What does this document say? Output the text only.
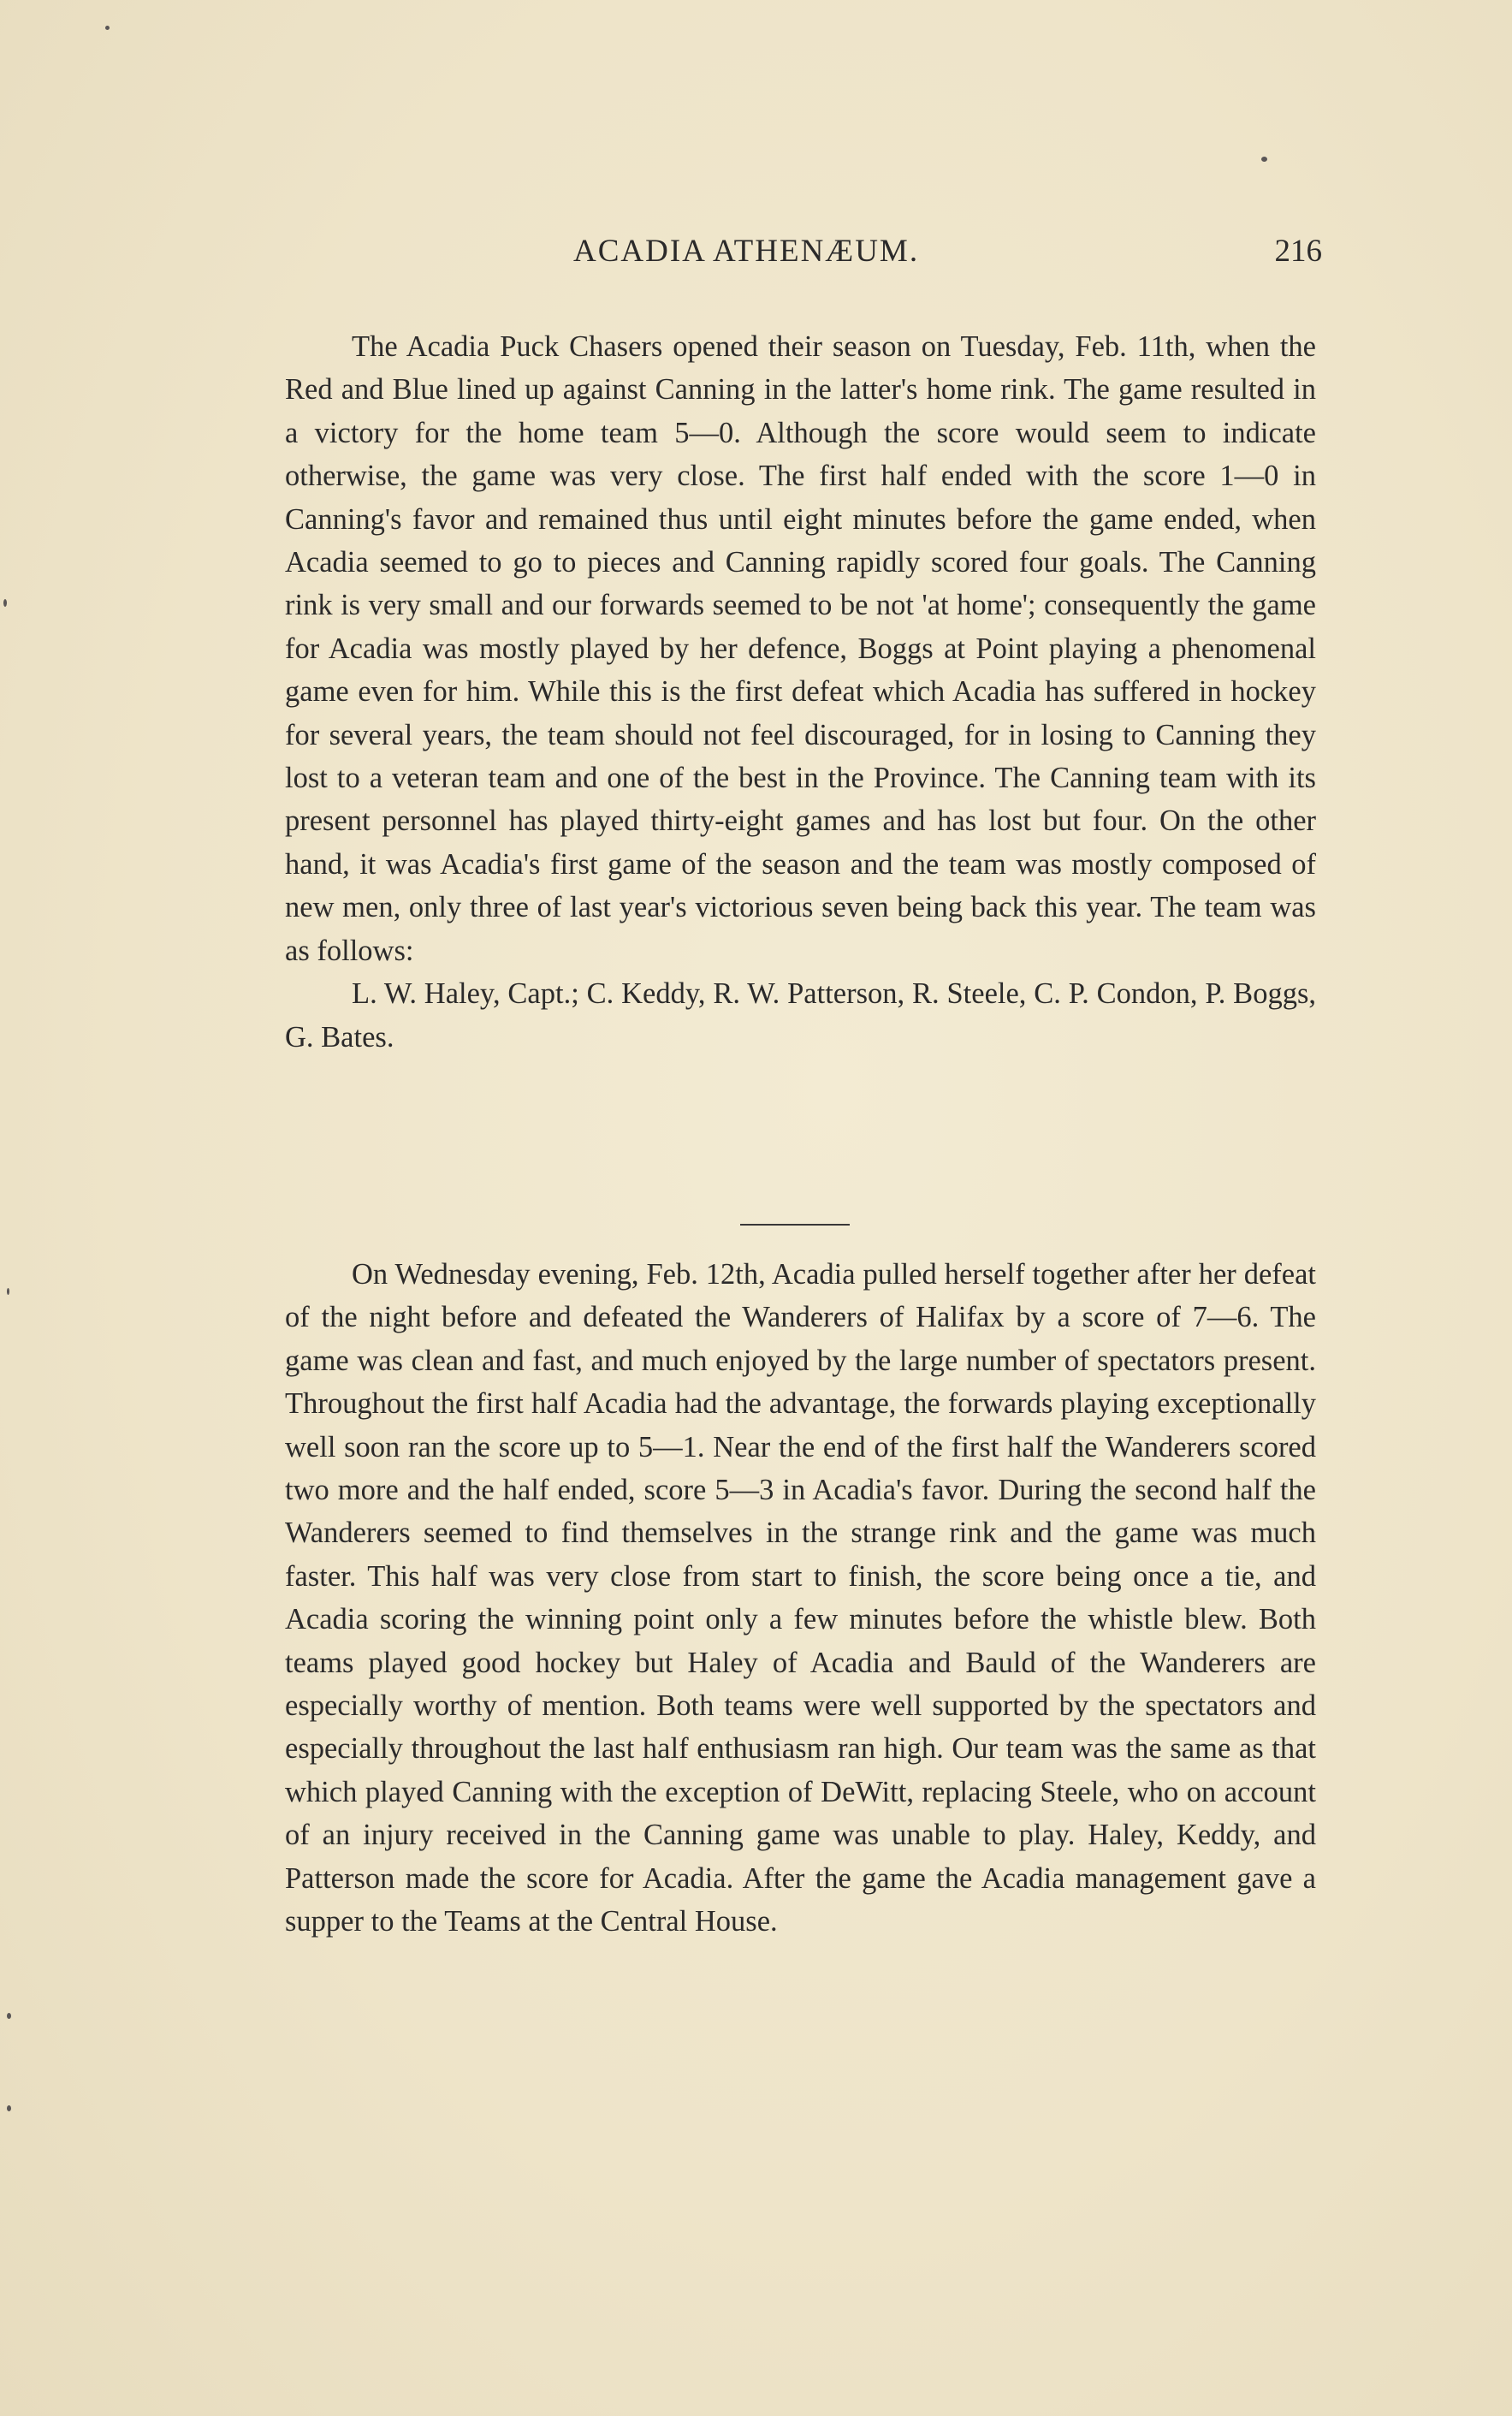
ACADIA ATHENÆUM.	216

The Acadia Puck Chasers opened their season on Tuesday, Feb. 11th, when the Red and Blue lined up against Canning in the latter's home rink. The game resulted in a victory for the home team 5—0. Although the score would seem to indicate otherwise, the game was very close. The first half ended with the score 1—0 in Canning's favor and remained thus until eight minutes before the game ended, when Acadia seemed to go to pieces and Canning rapidly scored four goals. The Canning rink is very small and our forwards seemed to be not 'at home'; consequently the game for Acadia was mostly played by her defence, Boggs at Point playing a phenomenal game even for him. While this is the first defeat which Acadia has suffered in hockey for several years, the team should not feel discouraged, for in losing to Canning they lost to a veteran team and one of the best in the Province. The Canning team with its present personnel has played thirty-eight games and has lost but four. On the other hand, it was Acadia's first game of the season and the team was mostly composed of new men, only three of last year's victorious seven being back this year. The team was as follows:

L. W. Haley, Capt.; C. Keddy, R. W. Patterson, R. Steele, C. P. Condon, P. Boggs, G. Bates.

On Wednesday evening, Feb. 12th, Acadia pulled herself together after her defeat of the night before and defeated the Wanderers of Halifax by a score of 7—6. The game was clean and fast, and much enjoyed by the large number of spectators present. Throughout the first half Acadia had the advantage, the forwards playing exceptionally well soon ran the score up to 5—1. Near the end of the first half the Wanderers scored two more and the half ended, score 5—3 in Acadia's favor. During the second half the Wanderers seemed to find themselves in the strange rink and the game was much faster. This half was very close from start to finish, the score being once a tie, and Acadia scoring the winning point only a few minutes before the whistle blew. Both teams played good hockey but Haley of Acadia and Bauld of the Wanderers are especially worthy of mention. Both teams were well supported by the spectators and especially throughout the last half enthusiasm ran high. Our team was the same as that which played Canning with the exception of DeWitt, replacing Steele, who on account of an injury received in the Canning game was unable to play. Haley, Keddy, and Patterson made the score for Acadia. After the game the Acadia management gave a supper to the Teams at the Central House.
